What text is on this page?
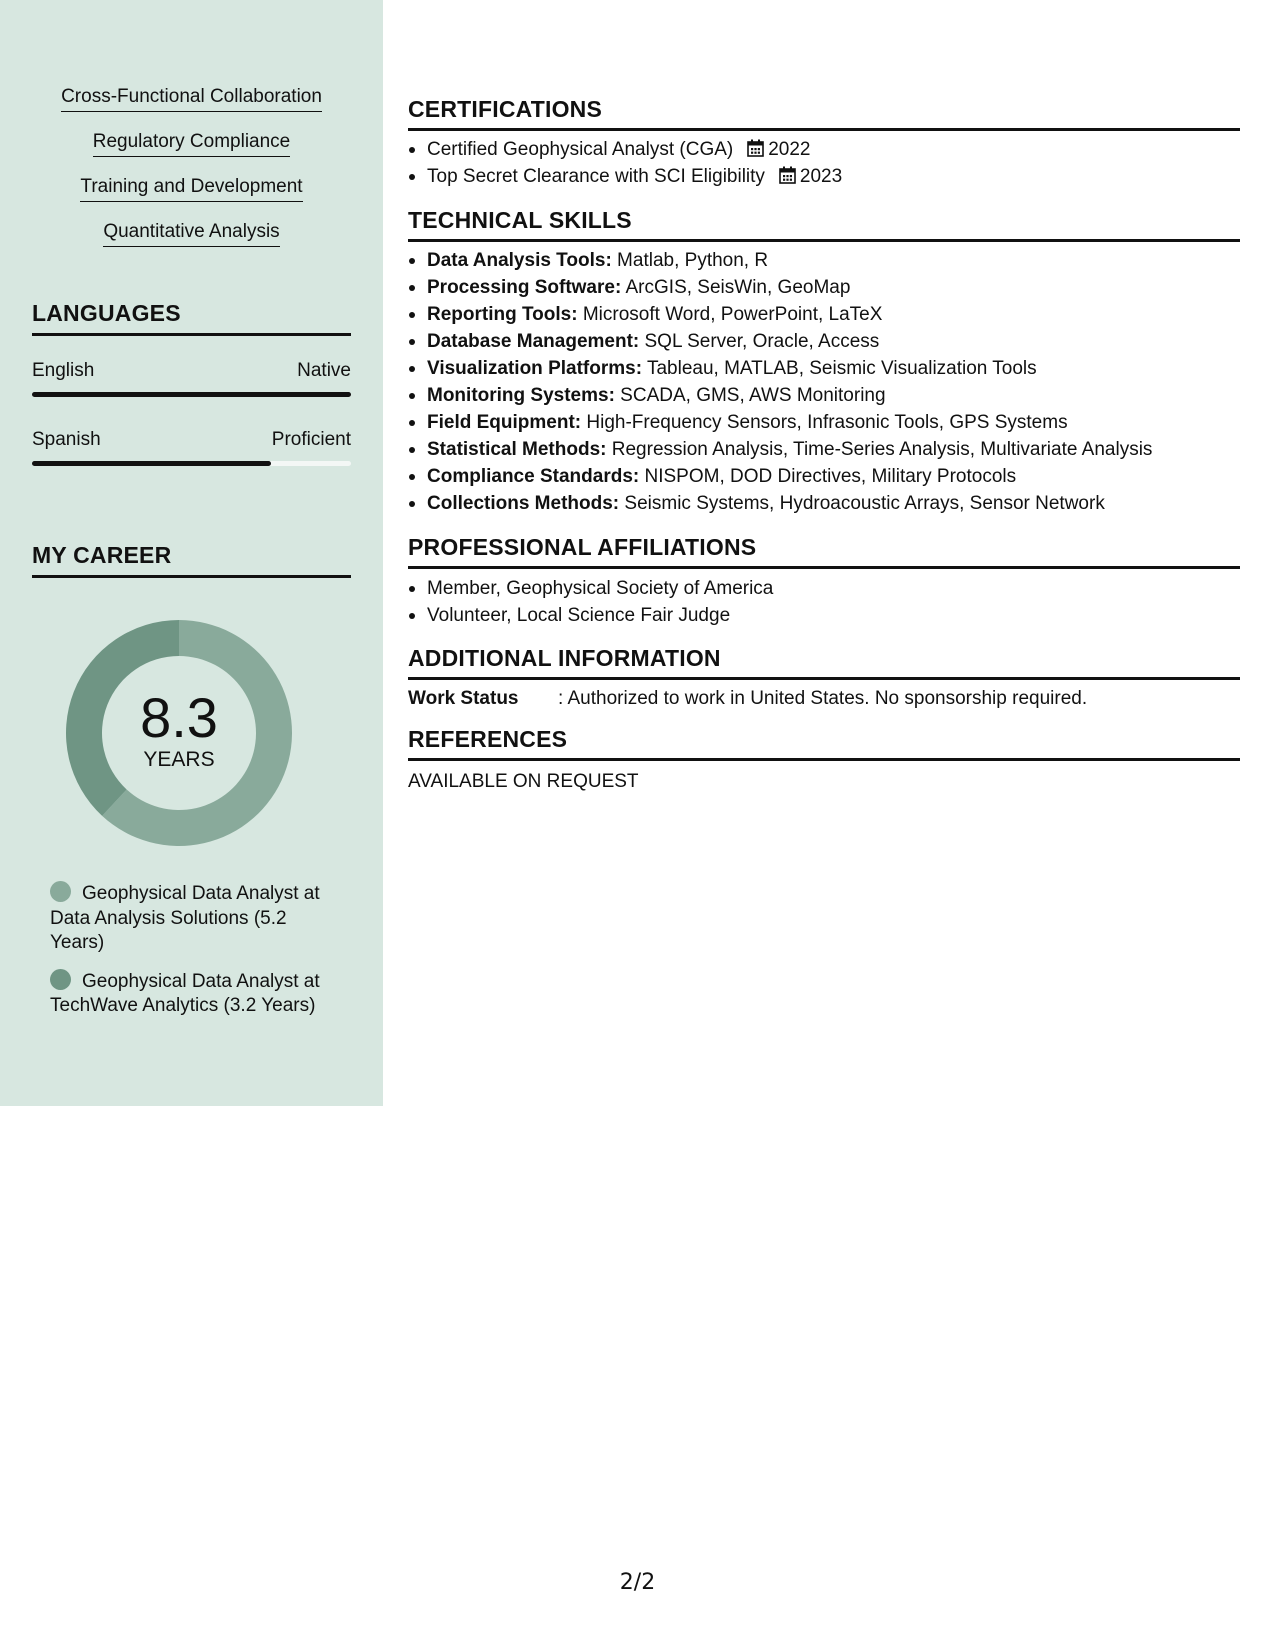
Cross-Functional Collaboration
Regulatory Compliance
Training and Development
Quantitative Analysis
LANGUAGES
English	Native
Spanish	Proficient
MY CAREER
8.3
YEARS
Geophysical Data Analyst at Data Analysis Solutions (5.2 Years)
Geophysical Data Analyst at TechWave Analytics (3.2 Years)
CERTIFICATIONS
Certified Geophysical Analyst (CGA) 2022
Top Secret Clearance with SCI Eligibility 2023
TECHNICAL SKILLS
Data Analysis Tools: Matlab, Python, R
Processing Software: ArcGIS, SeisWin, GeoMap
Reporting Tools: Microsoft Word, PowerPoint, LaTeX
Database Management: SQL Server, Oracle, Access
Visualization Platforms: Tableau, MATLAB, Seismic Visualization Tools
Monitoring Systems: SCADA, GMS, AWS Monitoring
Field Equipment: High-Frequency Sensors, Infrasonic Tools, GPS Systems
Statistical Methods: Regression Analysis, Time-Series Analysis, Multivariate Analysis
Compliance Standards: NISPOM, DOD Directives, Military Protocols
Collections Methods: Seismic Systems, Hydroacoustic Arrays, Sensor Network
PROFESSIONAL AFFILIATIONS
Member, Geophysical Society of America
Volunteer, Local Science Fair Judge
ADDITIONAL INFORMATION
Work Status : Authorized to work in United States. No sponsorship required.
REFERENCES
AVAILABLE ON REQUEST
2/2
